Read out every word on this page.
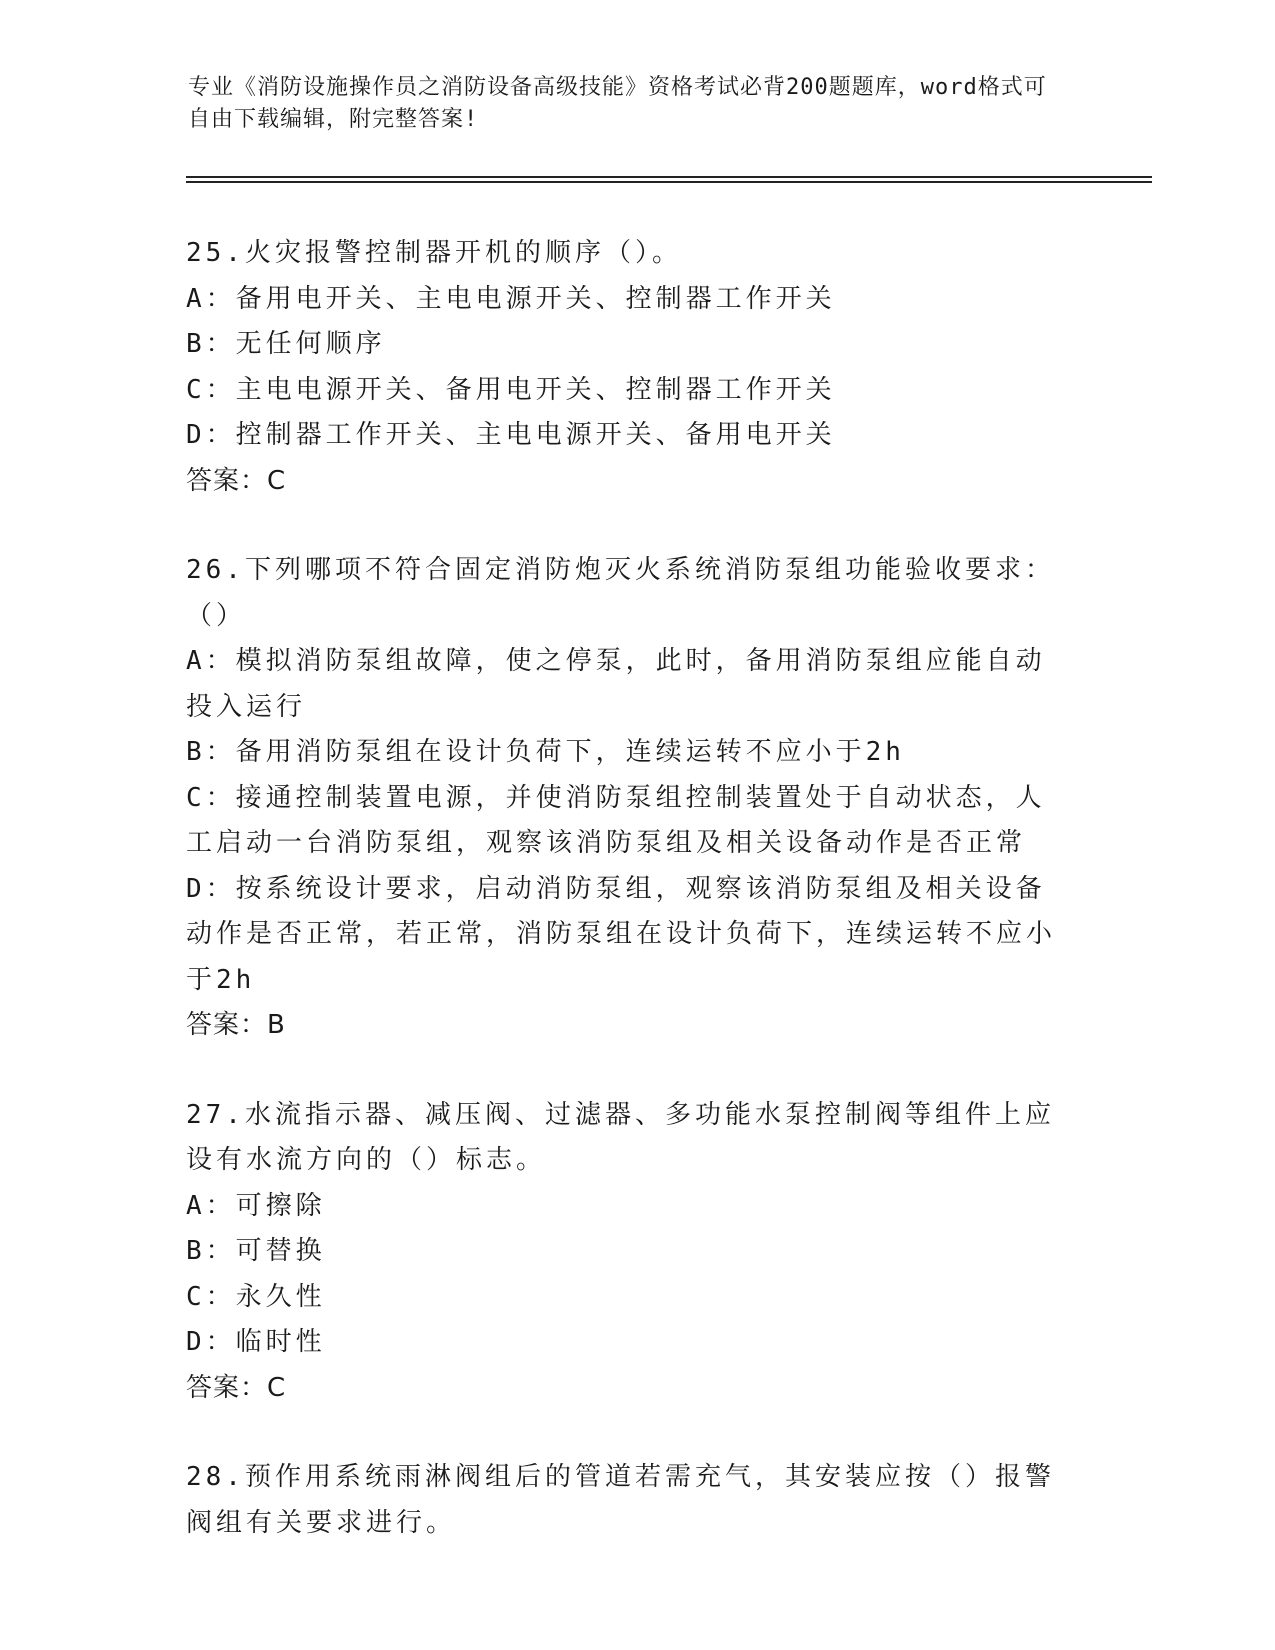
专业《消防设施操作员之消防设备高级技能》资格考试必背200题题库，word格式可自由下载编辑，附完整答案!
25.火灾报警控制器开机的顺序（）。
A：备用电开关、主电电源开关、控制器工作开关
B：无任何顺序
C：主电电源开关、备用电开关、控制器工作开关
D：控制器工作开关、主电电源开关、备用电开关
答案：C
26.下列哪项不符合固定消防炮灭火系统消防泵组功能验收要求：（）
A：模拟消防泵组故障，使之停泵，此时，备用消防泵组应能自动投入运行
B：备用消防泵组在设计负荷下，连续运转不应小于2h
C：接通控制装置电源，并使消防泵组控制装置处于自动状态，人工启动一台消防泵组，观察该消防泵组及相关设备动作是否正常
D：按系统设计要求，启动消防泵组，观察该消防泵组及相关设备动作是否正常，若正常，消防泵组在设计负荷下，连续运转不应小于2h
答案：B
27.水流指示器、减压阀、过滤器、多功能水泵控制阀等组件上应设有水流方向的（）标志。
A：可擦除
B：可替换
C：永久性
D：临时性
答案：C
28.预作用系统雨淋阀组后的管道若需充气，其安装应按（）报警阀组有关要求进行。
